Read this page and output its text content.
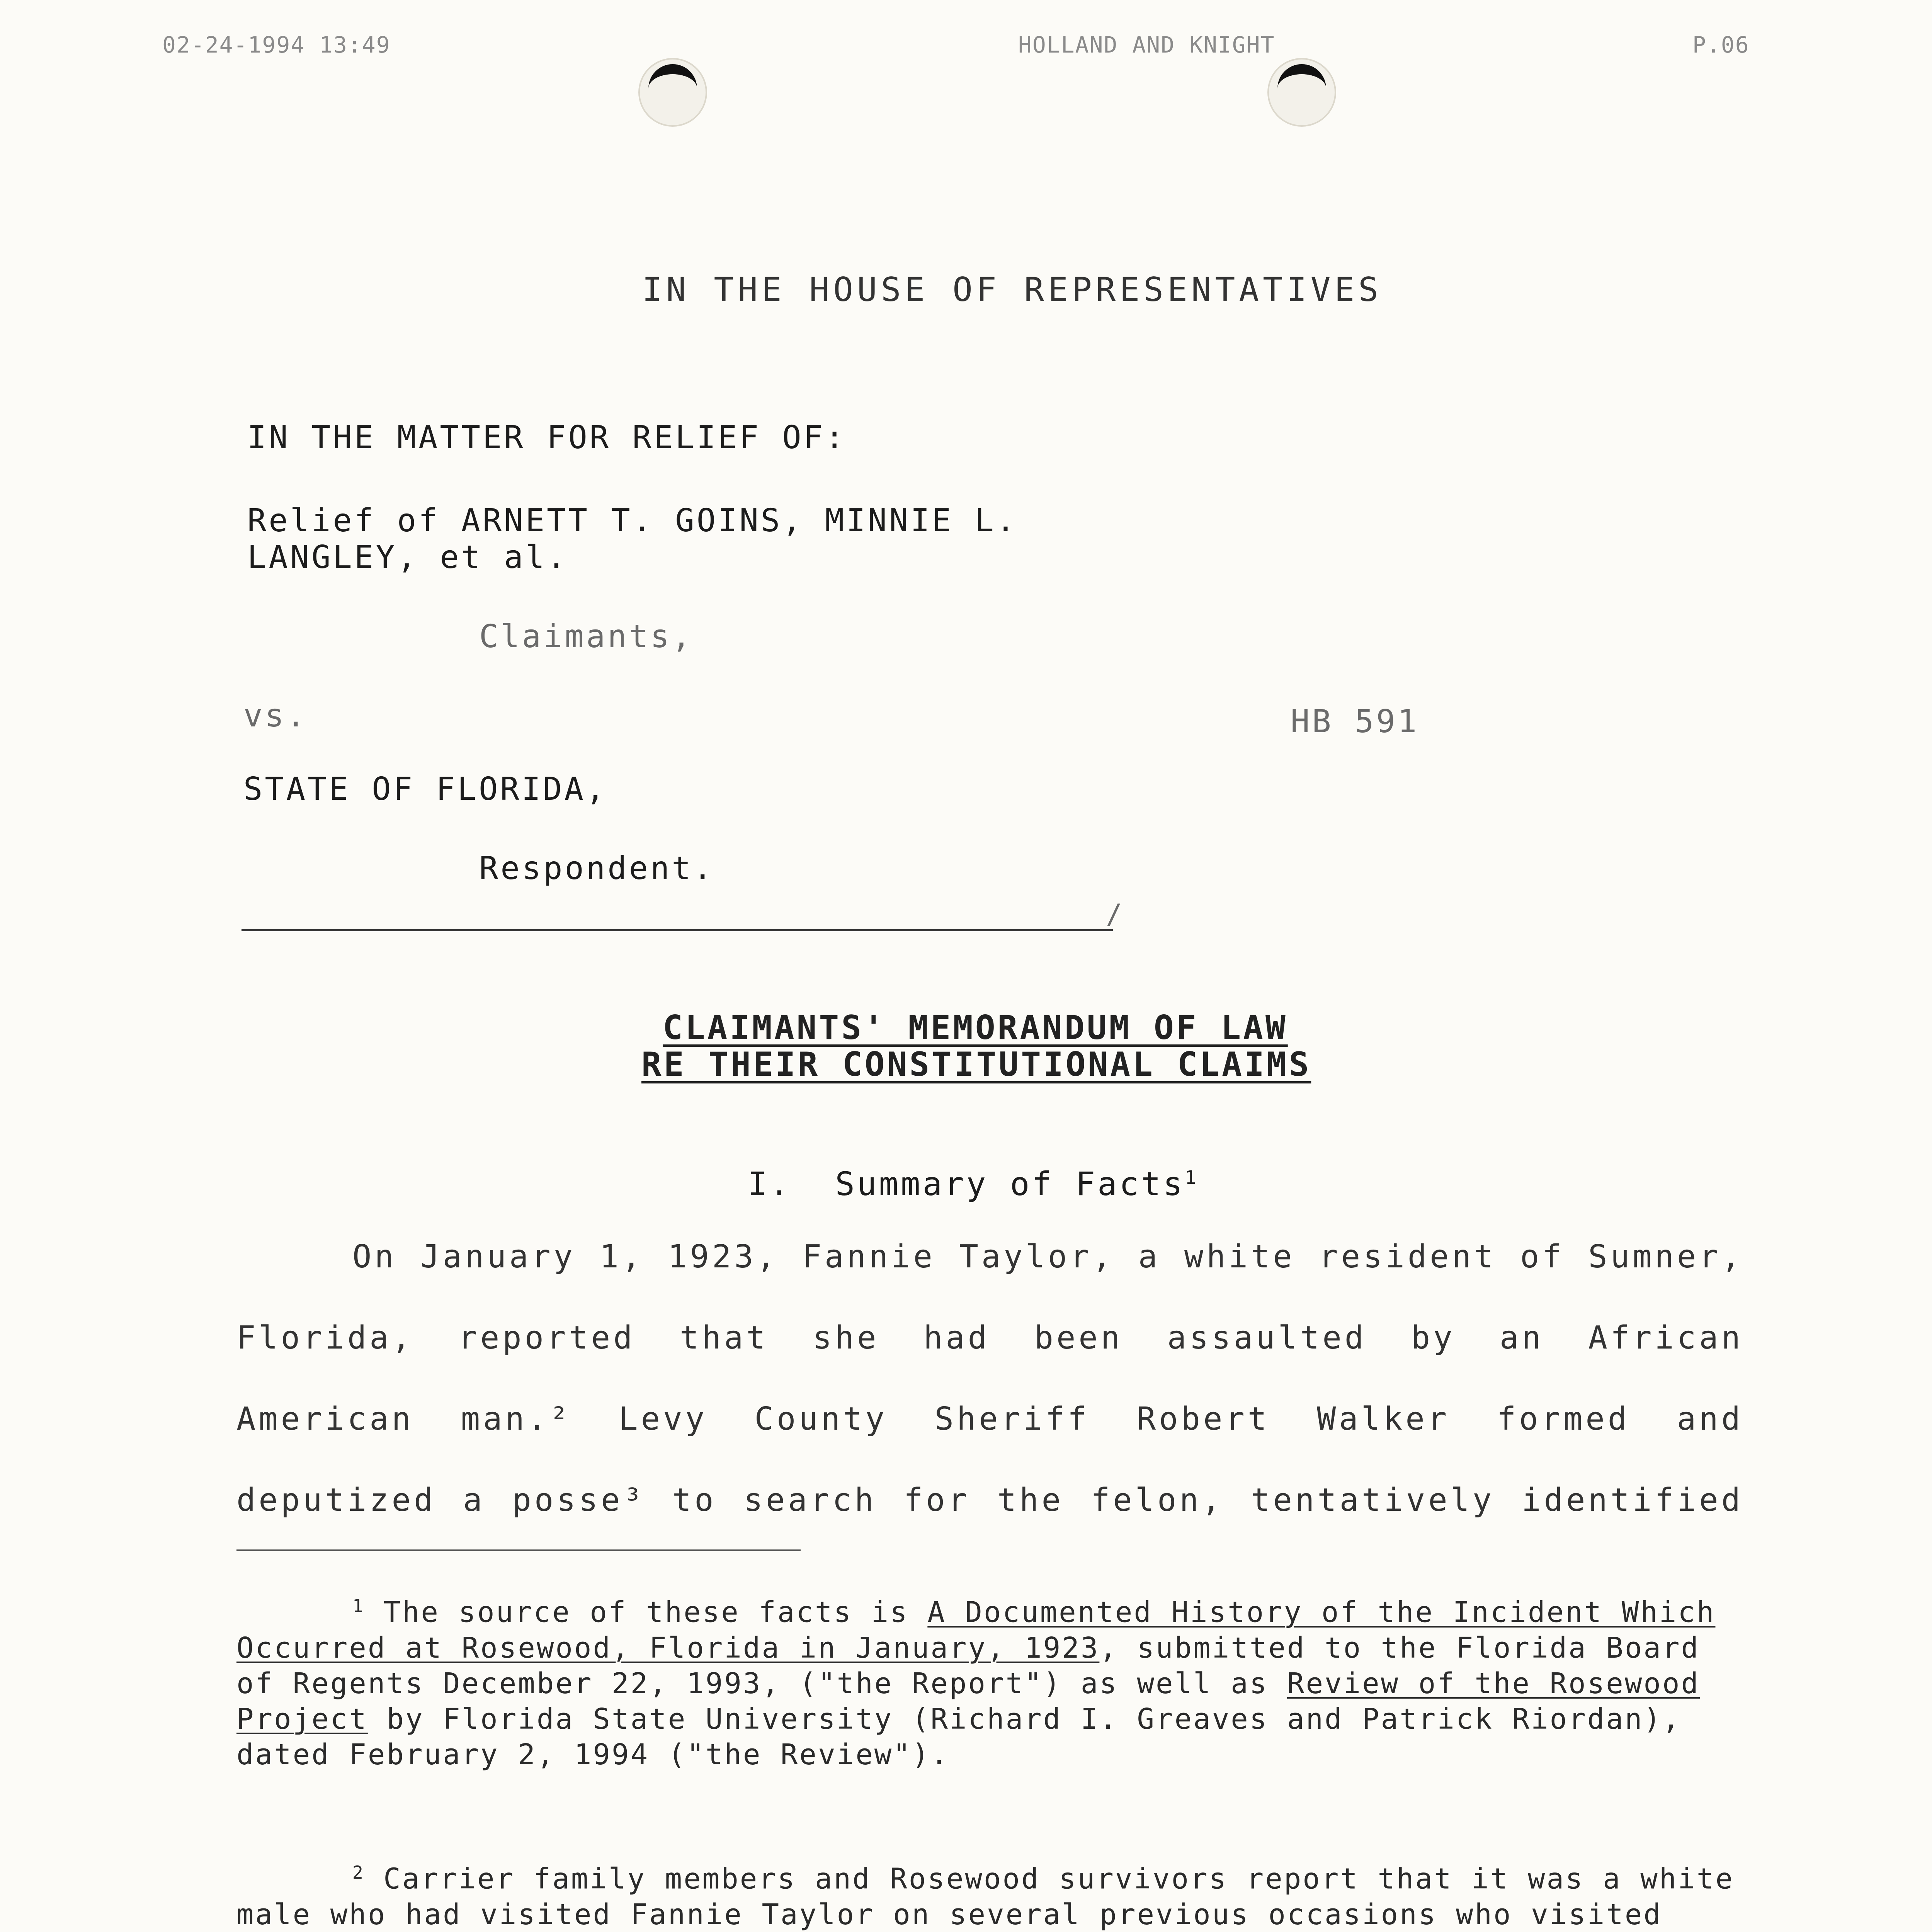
02-24-1994 13:49	HOLLAND AND KNIGHT	P.06
IN THE HOUSE OF REPRESENTATIVES
IN THE MATTER FOR RELIEF OF:
Relief of ARNETT T. GOINS, MINNIE L.
LANGLEY, et al.
Claimants,
vs.	HB 591
STATE OF FLORIDA,
Respondent.
/
CLAIMANTS' MEMORANDUM OF LAW
RE THEIR CONSTITUTIONAL CLAIMS
I. Summary of Facts$^1$
On January 1, 1923, Fannie Taylor, a white resident of Sumner,
Florida, reported that she had been assaulted by an African
American man.² Levy County Sheriff Robert Walker formed and
deputized a posse³ to search for the felon, tentatively identified
$^1$ The source of these facts is A Documented History of the Incident Which Occurred at Rosewood, Florida in January, 1923, submitted to the Florida Board of Regents December 22, 1993, ("the Report") as well as Review of the Rosewood Project by Florida State University (Richard I. Greaves and Patrick Riordan), dated February 2, 1994 ("the Review").
$^2$ Carrier family members and Rosewood survivors report that it was a white male who had visited Fannie Taylor on several previous occasions who visited
